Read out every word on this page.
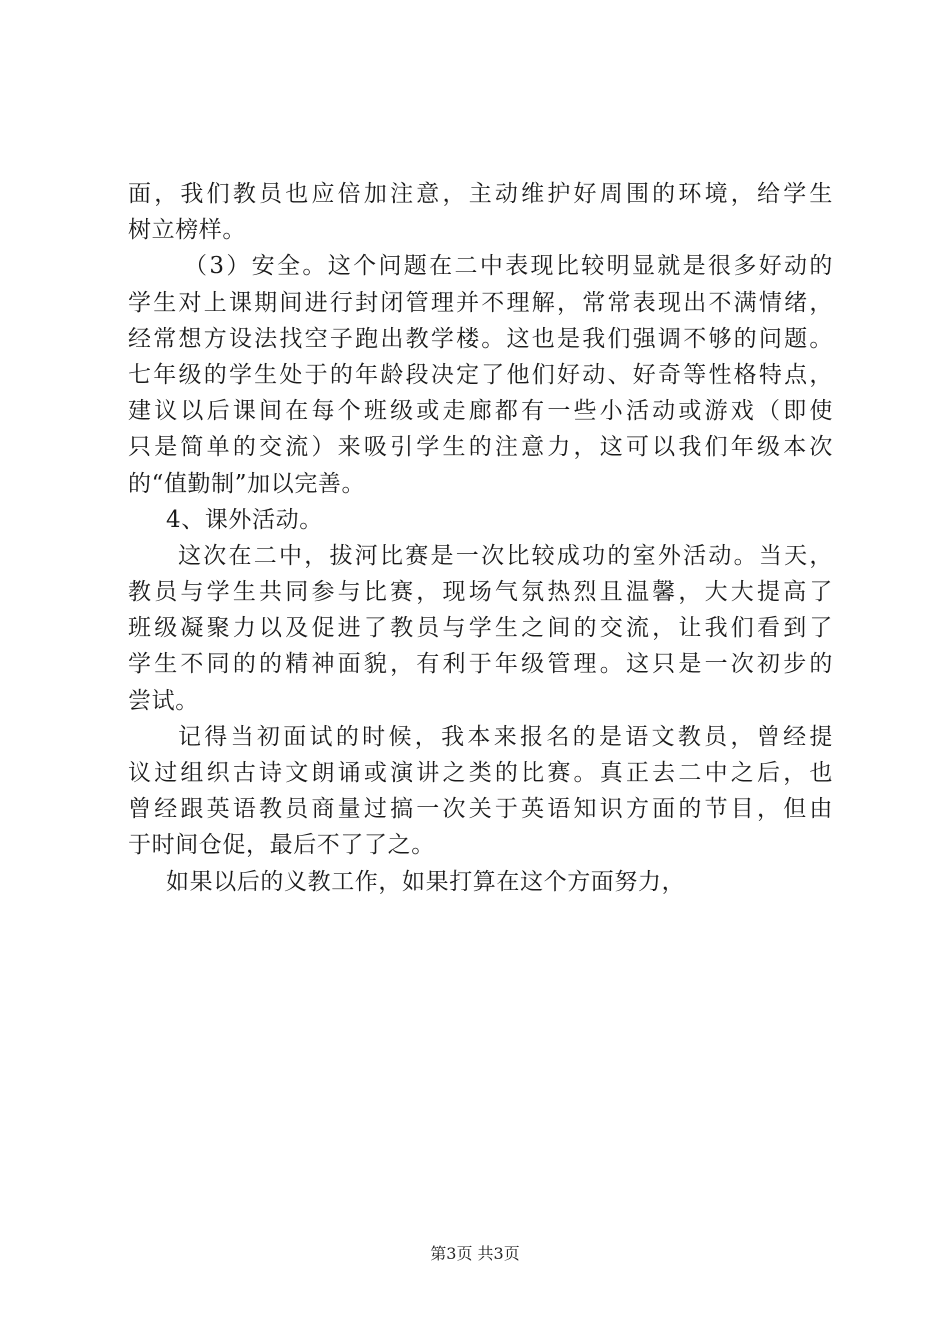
面，我们教员也应倍加注意，主动维护好周围的环境，给学生
树立榜样。
（3）安全。这个问题在二中表现比较明显就是很多好动的
学生对上课期间进行封闭管理并不理解，常常表现出不满情绪，
经常想方设法找空子跑出教学楼。这也是我们强调不够的问题。
七年级的学生处于的年龄段决定了他们好动、好奇等性格特点，
建议以后课间在每个班级或走廊都有一些小活动或游戏（即使
只是简单的交流）来吸引学生的注意力，这可以我们年级本次
的“值勤制”加以完善。
4、课外活动。
这次在二中，拔河比赛是一次比较成功的室外活动。当天，
教员与学生共同参与比赛，现场气氛热烈且温馨，大大提高了
班级凝聚力以及促进了教员与学生之间的交流，让我们看到了
学生不同的的精神面貌，有利于年级管理。这只是一次初步的
尝试。
记得当初面试的时候，我本来报名的是语文教员，曾经提
议过组织古诗文朗诵或演讲之类的比赛。真正去二中之后，也
曾经跟英语教员商量过搞一次关于英语知识方面的节目，但由
于时间仓促，最后不了了之。
如果以后的义教工作，如果打算在这个方面努力，
第3页 共3页
